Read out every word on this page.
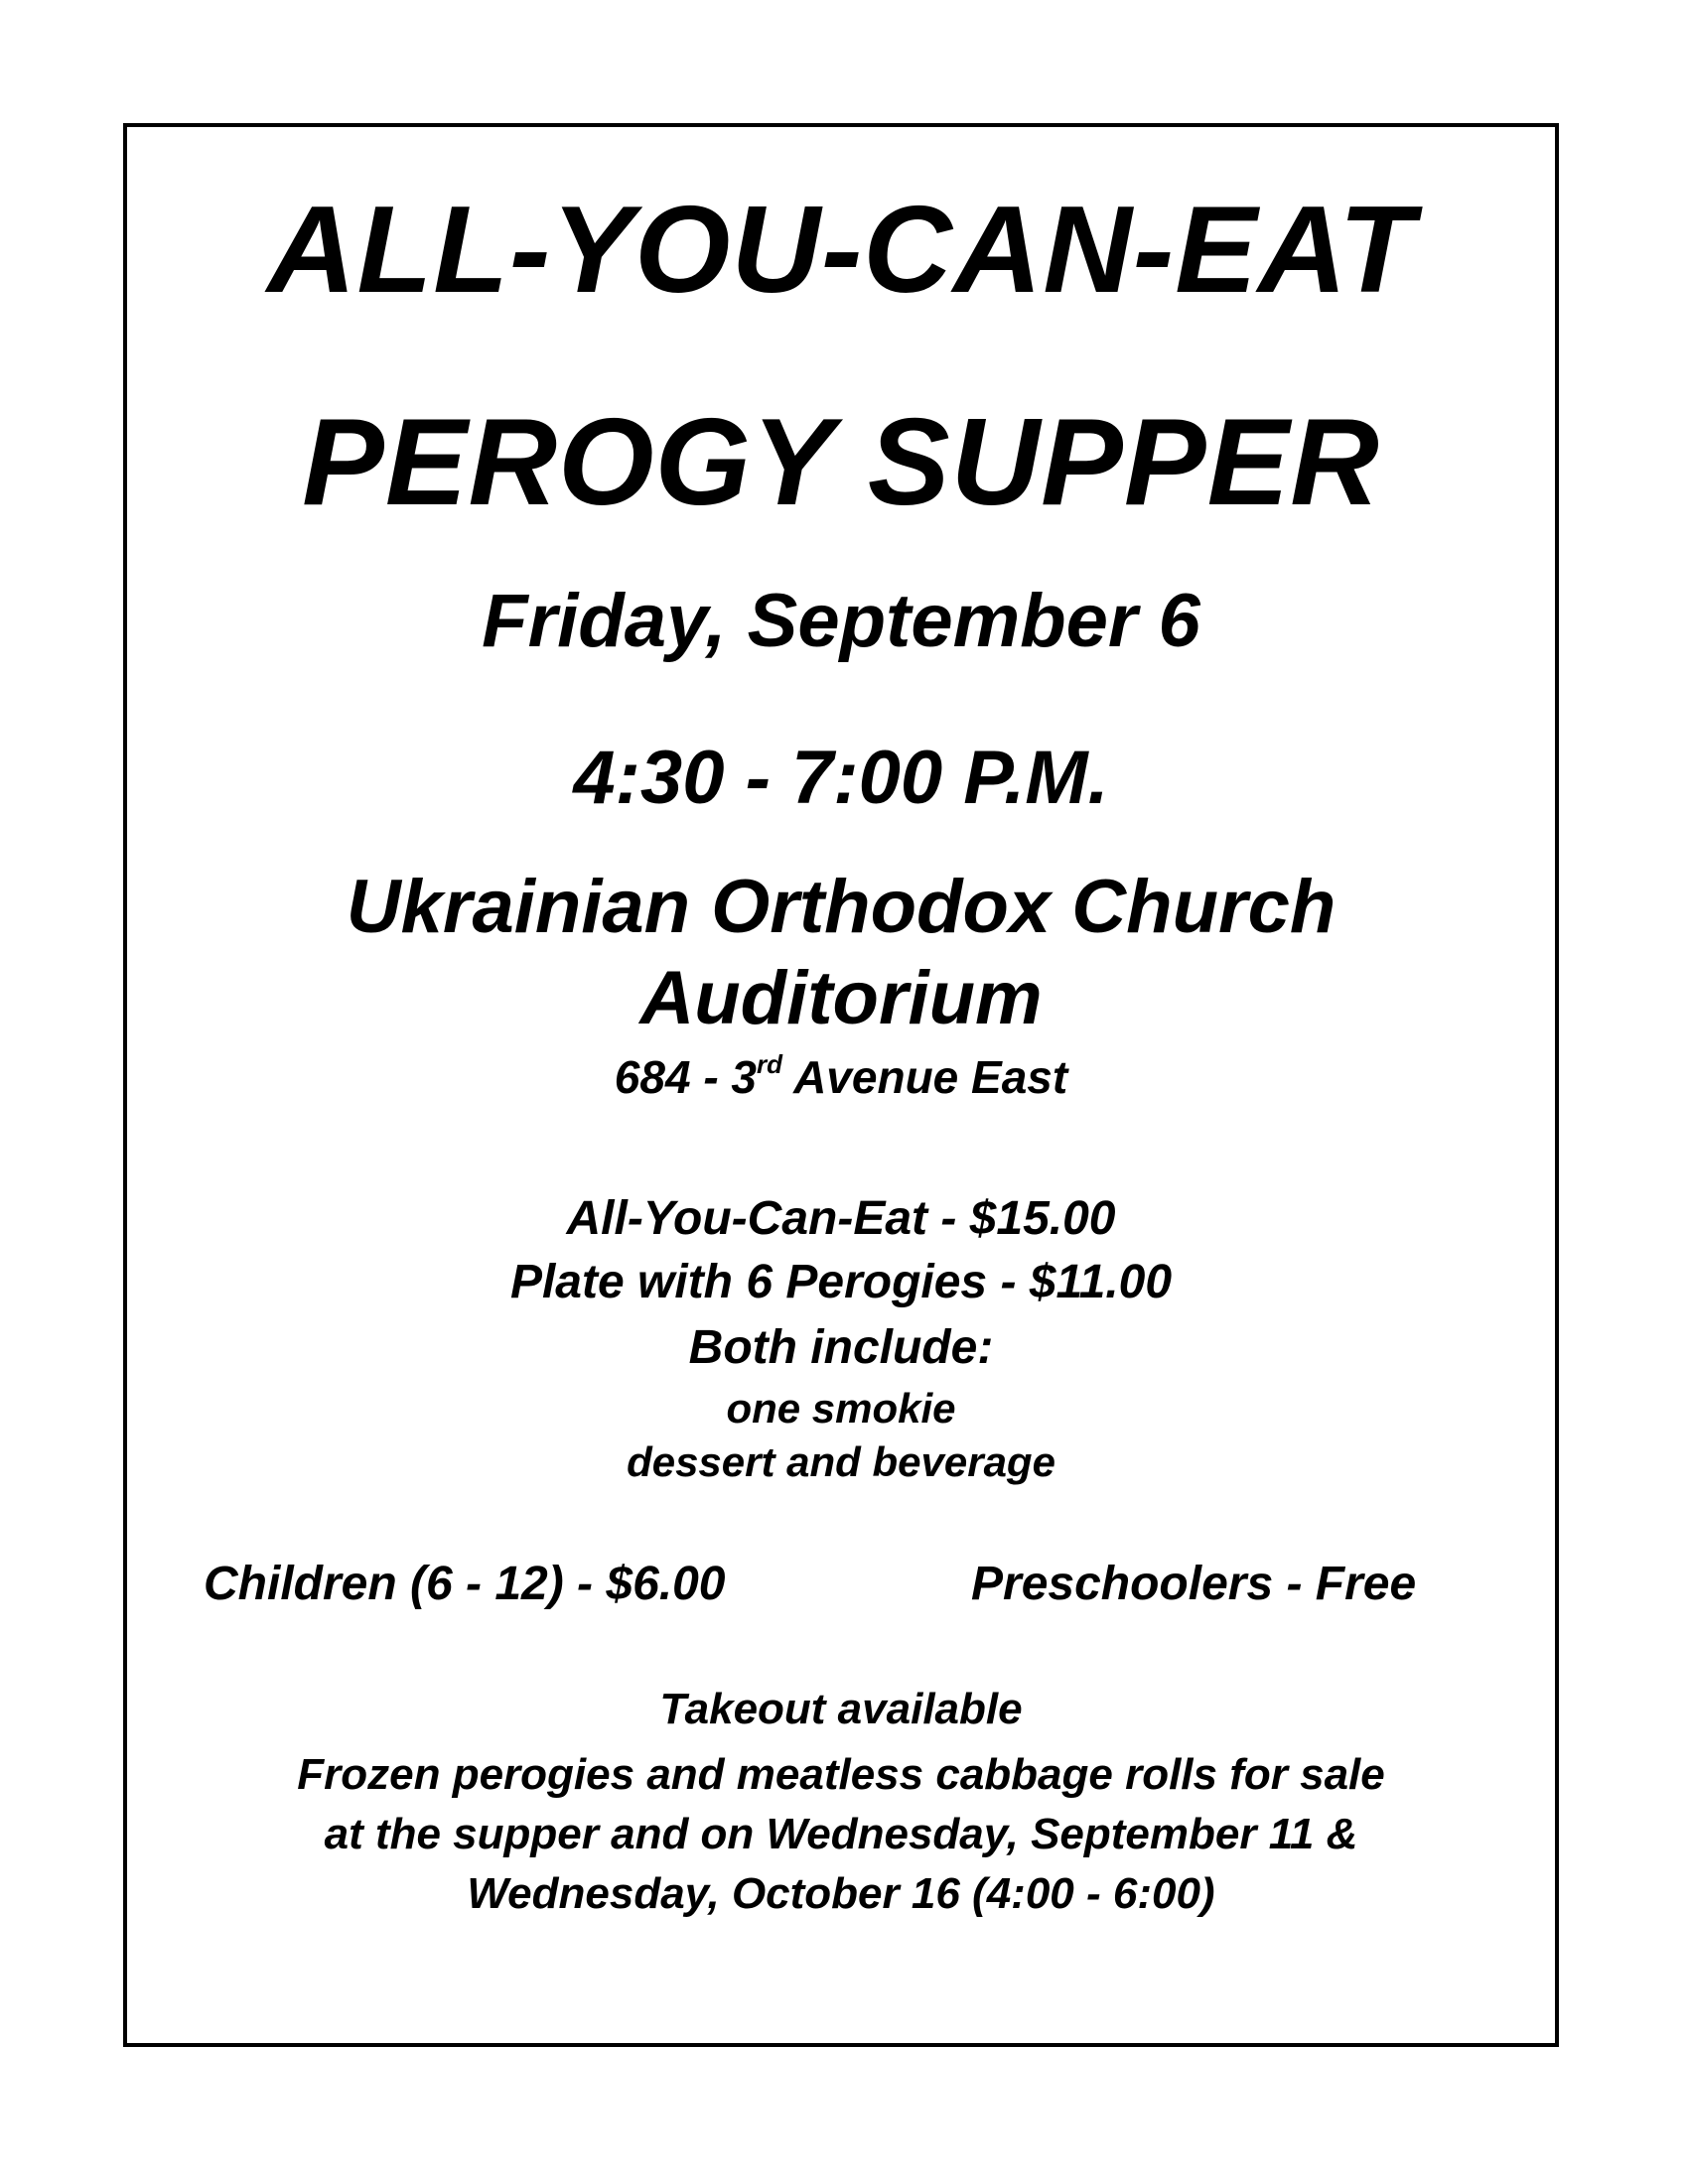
ALL-YOU-CAN-EAT
PEROGY SUPPER
Friday, September 6
4:30 - 7:00 P.M.
Ukrainian Orthodox Church
Auditorium
684 - 3rd Avenue East
All-You-Can-Eat - $15.00
Plate with 6 Perogies - $11.00
Both include:
one smokie
dessert and beverage
Children (6 - 12) - $6.00	Preschoolers - Free
Takeout available
Frozen perogies and meatless cabbage rolls for sale
at the supper and on Wednesday, September 11 &
Wednesday, October 16 (4:00 - 6:00)
